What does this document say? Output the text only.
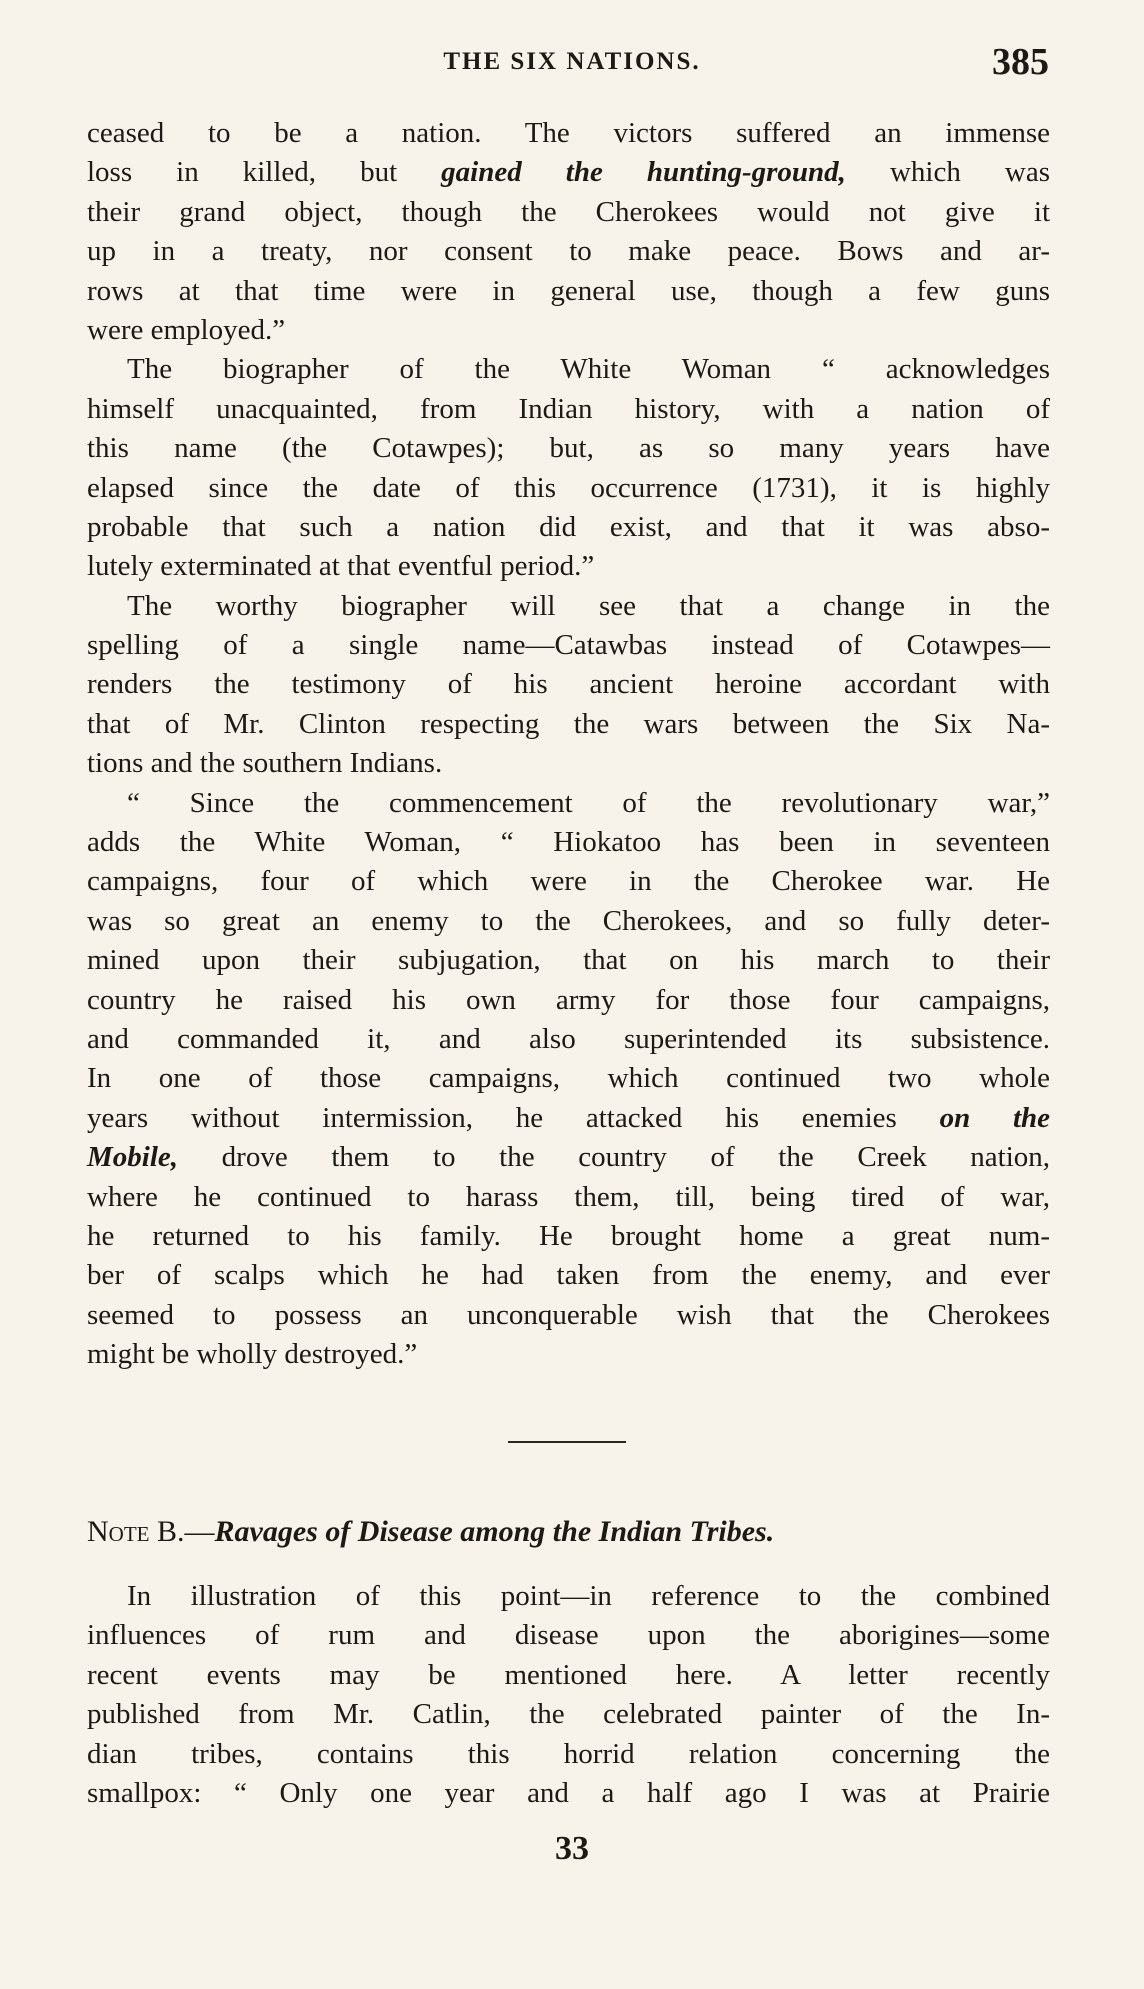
THE SIX NATIONS.	385
ceased to be a nation. The victors suffered an immense
loss in killed, but gained the hunting-ground, which was
their grand object, though the Cherokees would not give it
up in a treaty, nor consent to make peace. Bows and ar-
rows at that time were in general use, though a few guns
were employed.”
The biographer of the White Woman “ acknowledges
himself unacquainted, from Indian history, with a nation of
this name (the Cotawpes); but, as so many years have
elapsed since the date of this occurrence (1731), it is highly
probable that such a nation did exist, and that it was abso-
lutely exterminated at that eventful period.”
The worthy biographer will see that a change in the
spelling of a single name—Catawbas instead of Cotawpes—
renders the testimony of his ancient heroine accordant with
that of Mr. Clinton respecting the wars between the Six Na-
tions and the southern Indians.
“ Since the commencement of the revolutionary war,”
adds the White Woman, “ Hiokatoo has been in seventeen
campaigns, four of which were in the Cherokee war. He
was so great an enemy to the Cherokees, and so fully deter-
mined upon their subjugation, that on his march to their
country he raised his own army for those four campaigns,
and commanded it, and also superintended its subsistence.
In one of those campaigns, which continued two whole
years without intermission, he attacked his enemies on the
Mobile, drove them to the country of the Creek nation,
where he continued to harass them, till, being tired of war,
he returned to his family. He brought home a great num-
ber of scalps which he had taken from the enemy, and ever
seemed to possess an unconquerable wish that the Cherokees
might be wholly destroyed.”
Note B.—Ravages of Disease among the Indian Tribes.
In illustration of this point—in reference to the combined
influences of rum and disease upon the aborigines—some
recent events may be mentioned here. A letter recently
published from Mr. Catlin, the celebrated painter of the In-
dian tribes, contains this horrid relation concerning the
smallpox: “ Only one year and a half ago I was at Prairie
33
